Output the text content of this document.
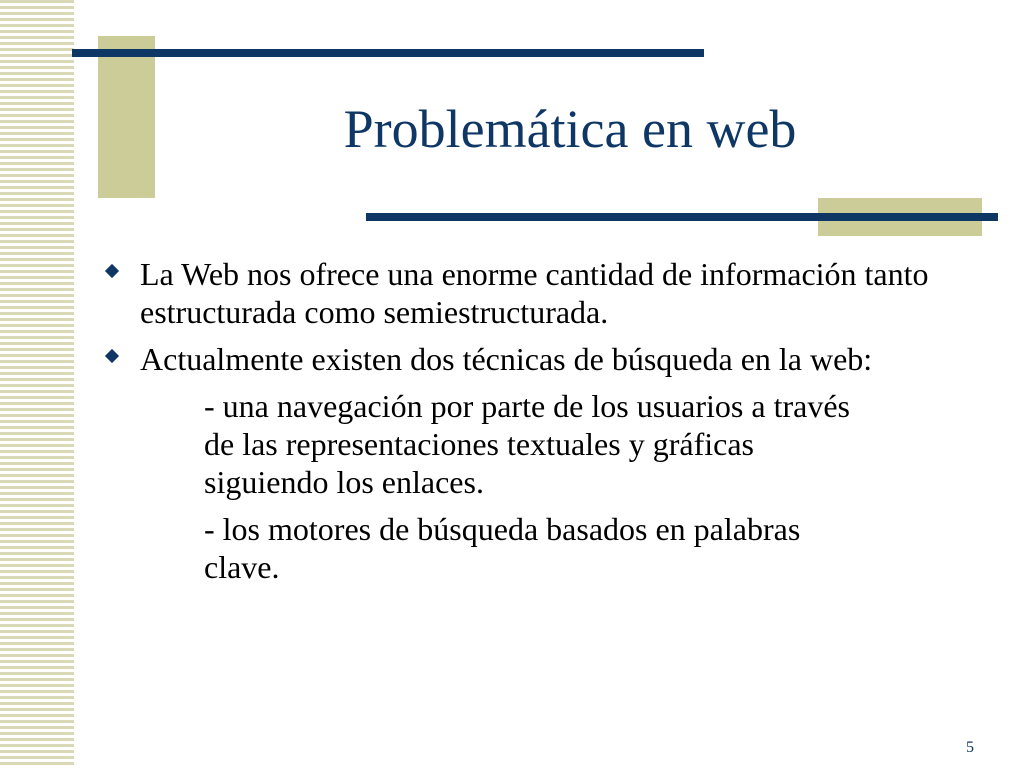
Problemática en web
La Web nos ofrece una enorme cantidad de información tanto estructurada como semiestructurada.
Actualmente existen dos técnicas de búsqueda en la web:
- una navegación por parte de los usuarios a través de las representaciones textuales y gráficas siguiendo los enlaces.
- los motores de búsqueda basados en palabras clave.
5
